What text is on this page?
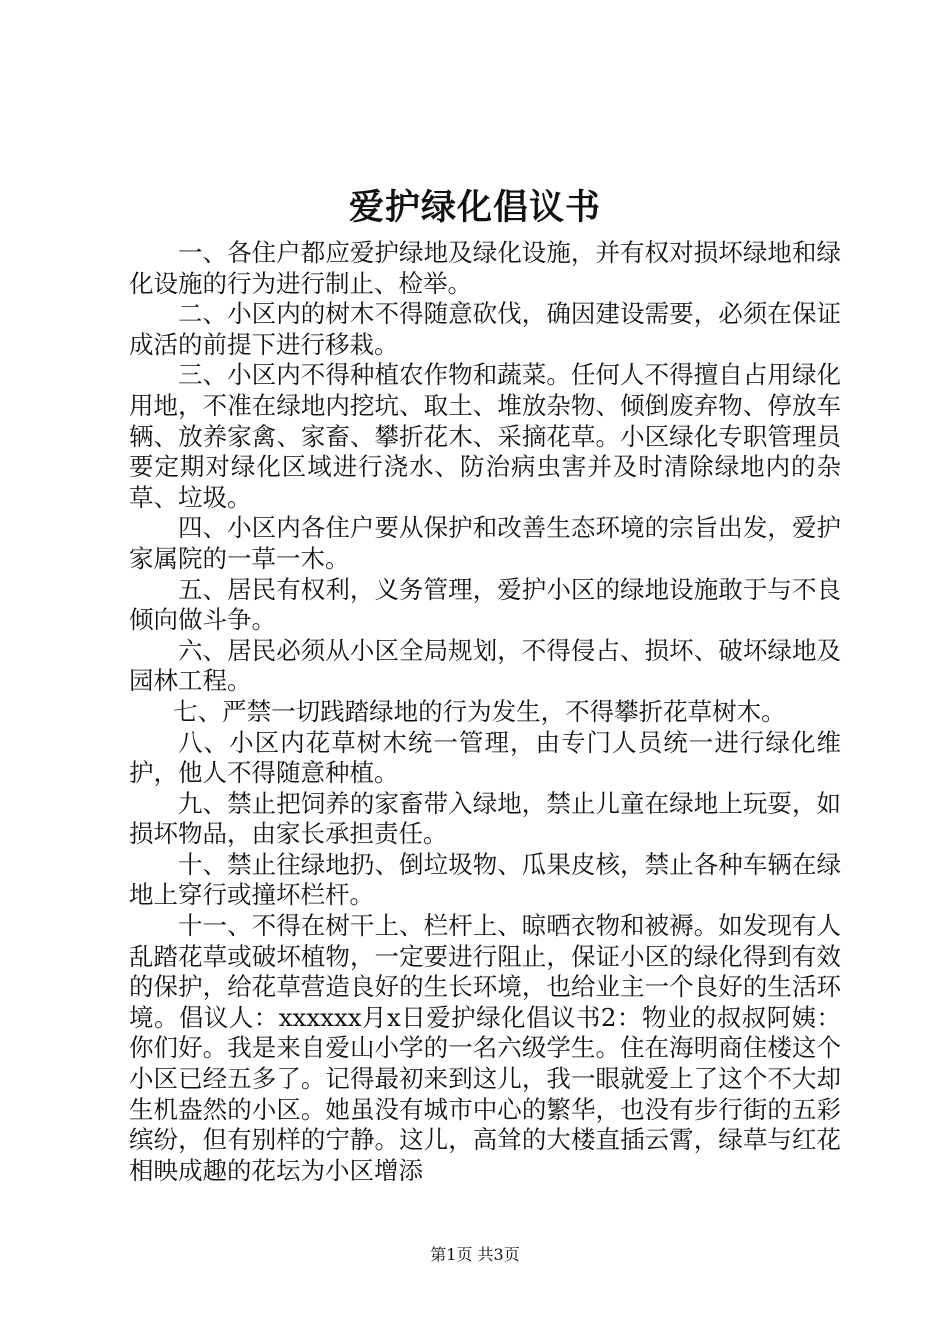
爱护绿化倡议书

一、各住户都应爱护绿地及绿化设施，并有权对损坏绿地和绿化设施的行为进行制止、检举。

二、小区内的树木不得随意砍伐，确因建设需要，必须在保证成活的前提下进行移栽。

三、小区内不得种植农作物和蔬菜。任何人不得擅自占用绿化用地，不准在绿地内挖坑、取土、堆放杂物、倾倒废弃物、停放车辆、放养家禽、家畜、攀折花木、采摘花草。小区绿化专职管理员要定期对绿化区域进行浇水、防治病虫害并及时清除绿地内的杂草、垃圾。

四、小区内各住户要从保护和改善生态环境的宗旨出发，爱护家属院的一草一木。

五、居民有权利，义务管理，爱护小区的绿地设施敢于与不良倾向做斗争。

六、居民必须从小区全局规划，不得侵占、损坏、破坏绿地及园林工程。

七、严禁一切践踏绿地的行为发生，不得攀折花草树木。

八、小区内花草树木统一管理，由专门人员统一进行绿化维护，他人不得随意种植。

九、禁止把饲养的家畜带入绿地，禁止儿童在绿地上玩耍，如损坏物品，由家长承担责任。

十、禁止往绿地扔、倒垃圾物、瓜果皮核，禁止各种车辆在绿地上穿行或撞坏栏杆。

十一、不得在树干上、栏杆上、晾晒衣物和被褥。如发现有人乱踏花草或破坏植物，一定要进行阻止，保证小区的绿化得到有效的保护，给花草营造良好的生长环境，也给业主一个良好的生活环境。倡议人：xxxxxx月x日爱护绿化倡议书2：物业的叔叔阿姨：你们好。我是来自爱山小学的一名六级学生。住在海明商住楼这个小区已经五多了。记得最初来到这儿，我一眼就爱上了这个不大却生机盎然的小区。她虽没有城市中心的繁华，也没有步行街的五彩缤纷，但有别样的宁静。这儿，高耸的大楼直插云霄，绿草与红花相映成趣的花坛为小区增添

第1页 共3页
